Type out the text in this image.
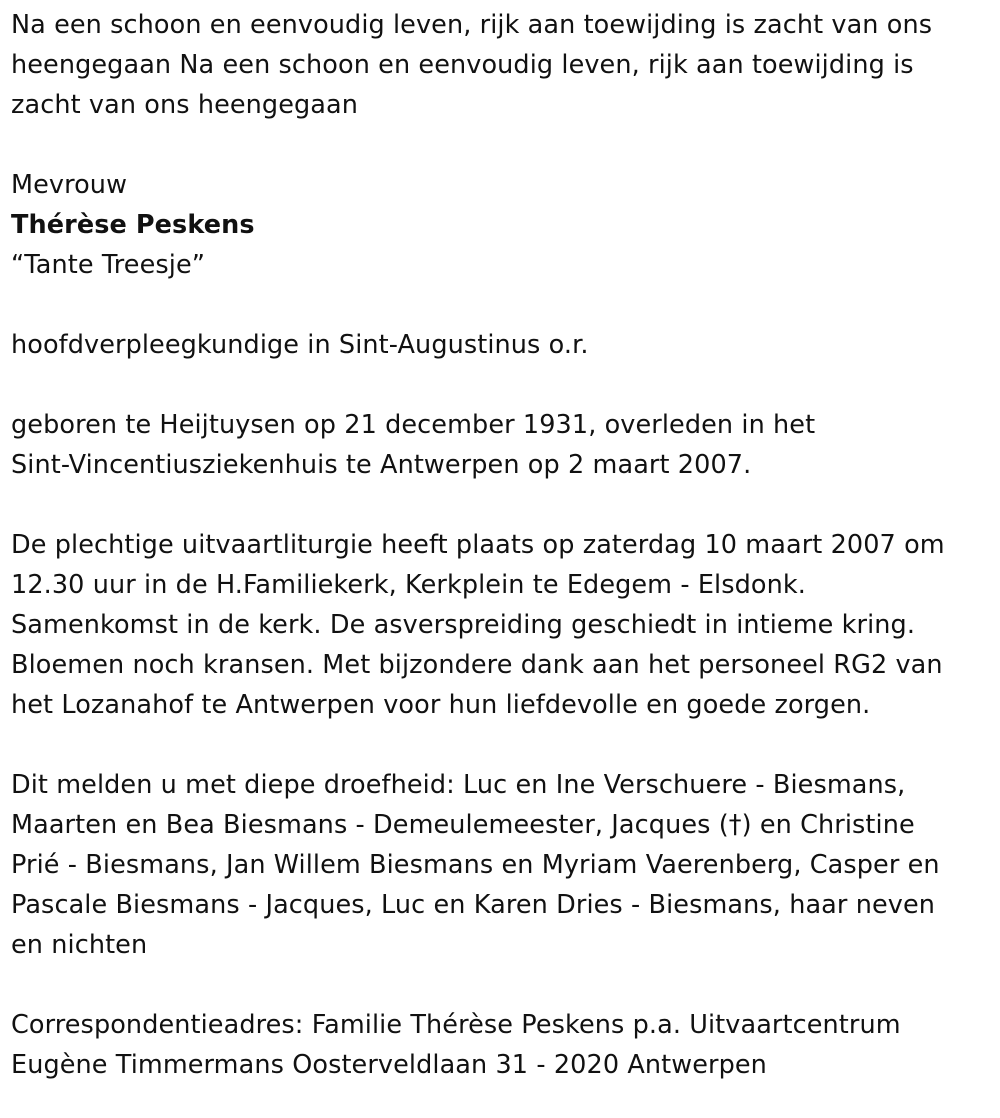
Na een schoon en eenvoudig leven, rijk aan toewijding is zacht van ons
heengegaan Na een schoon en eenvoudig leven, rijk aan toewijding is
zacht van ons heengegaan

Mevrouw

Thérèse Peskens

“Tante Treesje”

hoofdverpleegkundige in Sint-Augustinus o.r.

geboren te Heijtuysen op 21 december 1931, overleden in het
Sint-Vincentiusziekenhuis te Antwerpen op 2 maart 2007.

De plechtige uitvaartliturgie heeft plaats op zaterdag 10 maart 2007 om
12.30 uur in de H.Familiekerk, Kerkplein te Edegem - Elsdonk.
Samenkomst in de kerk. De asverspreiding geschiedt in intieme kring.
Bloemen noch kransen. Met bijzondere dank aan het personeel RG2 van
het Lozanahof te Antwerpen voor hun liefdevolle en goede zorgen.

Dit melden u met diepe droefheid: Luc en Ine Verschuere - Biesmans,
Maarten en Bea Biesmans - Demeulemeester, Jacques (†) en Christine
Prié - Biesmans, Jan Willem Biesmans en Myriam Vaerenberg, Casper en
Pascale Biesmans - Jacques, Luc en Karen Dries - Biesmans, haar neven
en nichten

Correspondentieadres: Familie Thérèse Peskens p.a. Uitvaartcentrum
Eugène Timmermans Oosterveldlaan 31 - 2020 Antwerpen
